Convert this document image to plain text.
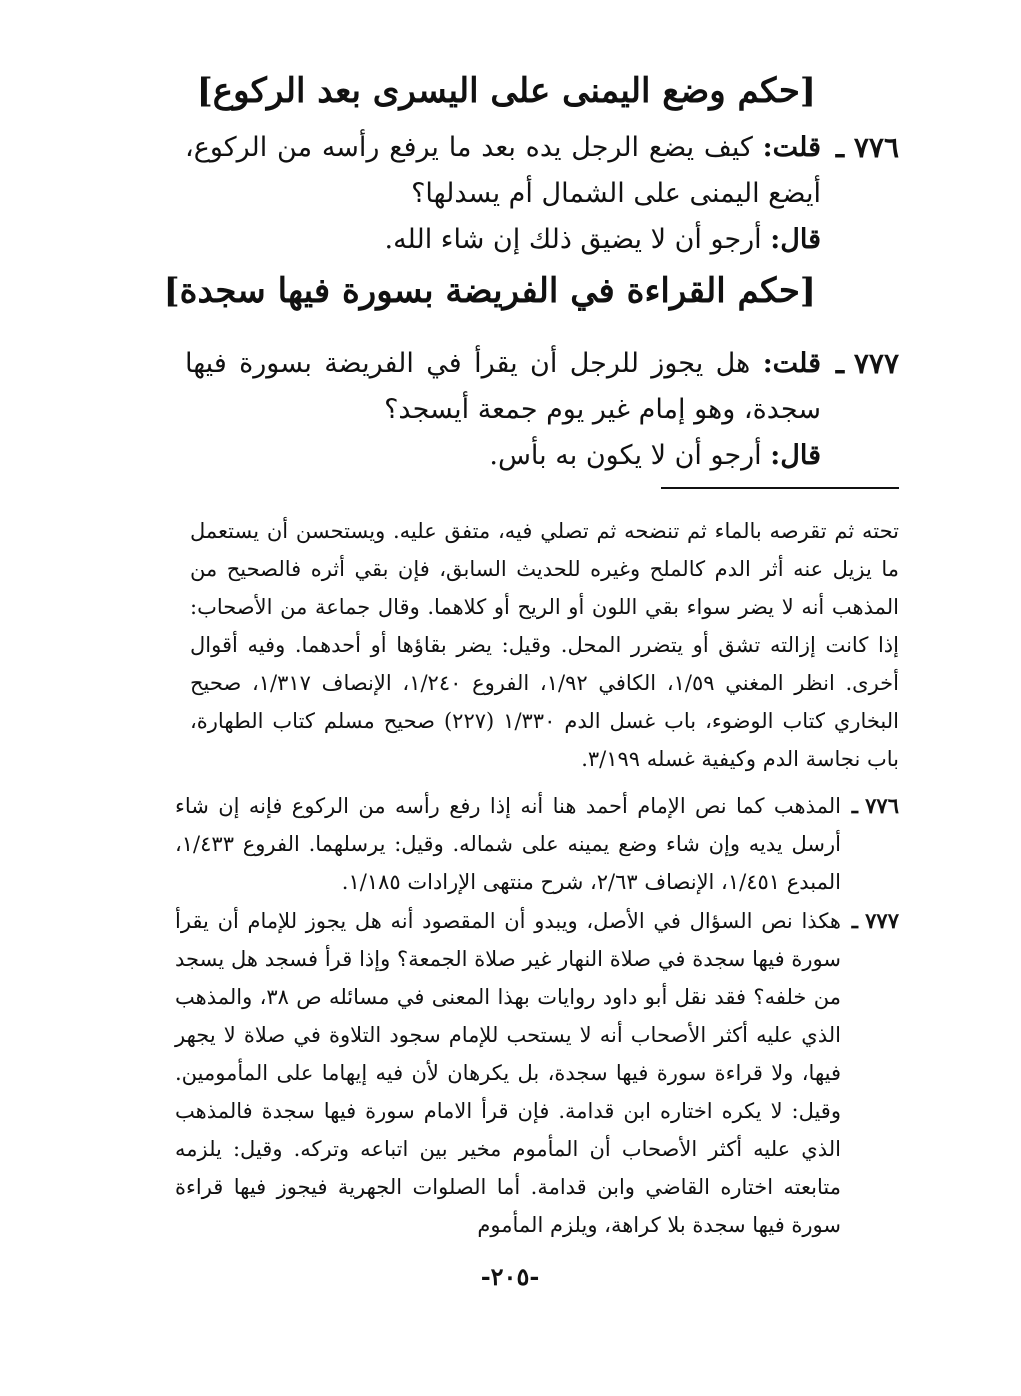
[حكم وضع اليمنى على اليسرى بعد الركوع]
٧٧٦ ـ

قلت: كيف يضع الرجل يده بعد ما يرفع رأسه من الركوع، أيضع اليمنى على الشمال أم يسدلها؟

قال: أرجو أن لا يضيق ذلك إن شاء الله.

[حكم القراءة في الفريضة بسورة فيها سجدة]
٧٧٧ ـ

قلت: هل يجوز للرجل أن يقرأ في الفريضة بسورة فيها سجدة، وهو إمام غير يوم جمعة أيسجد؟

قال: أرجو أن لا يكون به بأس.

تحته ثم تقرصه بالماء ثم تنضحه ثم تصلي فيه، متفق عليه. ويستحسن أن يستعمل ما يزيل عنه أثر الدم كالملح وغيره للحديث السابق، فإن بقي أثره فالصحيح من المذهب أنه لا يضر سواء بقي اللون أو الريح أو كلاهما. وقال جماعة من الأصحاب: إذا كانت إزالته تشق أو يتضرر المحل. وقيل: يضر بقاؤها أو أحدهما. وفيه أقوال أخرى. انظر المغني ١/٥٩، الكافي ١/٩٢، الفروع ١/٢٤٠، الإنصاف ١/٣١٧، صحيح البخاري كتاب الوضوء، باب غسل الدم ١/٣٣٠ (٢٢٧) صحيح مسلم كتاب الطهارة، باب نجاسة الدم وكيفية غسله ٣/١٩٩.

٧٧٦ ـ

المذهب كما نص الإمام أحمد هنا أنه إذا رفع رأسه من الركوع فإنه إن شاء أرسل يديه وإن شاء وضع يمينه على شماله. وقيل: يرسلهما. الفروع ١/٤٣٣، المبدع ١/٤٥١، الإنصاف ٢/٦٣، شرح منتهى الإرادات ١/١٨٥.

٧٧٧ ـ

هكذا نص السؤال في الأصل، ويبدو أن المقصود أنه هل يجوز للإمام أن يقرأ سورة فيها سجدة في صلاة النهار غير صلاة الجمعة؟ وإذا قرأ فسجد هل يسجد من خلفه؟ فقد نقل أبو داود روايات بهذا المعنى في مسائله ص ٣٨، والمذهب الذي عليه أكثر الأصحاب أنه لا يستحب للإمام سجود التلاوة في صلاة لا يجهر فيها، ولا قراءة سورة فيها سجدة، بل يكرهان لأن فيه إيهاما على المأمومين. وقيل: لا يكره اختاره ابن قدامة. فإن قرأ الامام سورة فيها سجدة فالمذهب الذي عليه أكثر الأصحاب أن المأموم مخير بين اتباعه وتركه. وقيل: يلزمه متابعته اختاره القاضي وابن قدامة. أما الصلوات الجهرية فيجوز فيها قراءة سورة فيها سجدة بلا كراهة، ويلزم المأموم

-٢٠٥-
